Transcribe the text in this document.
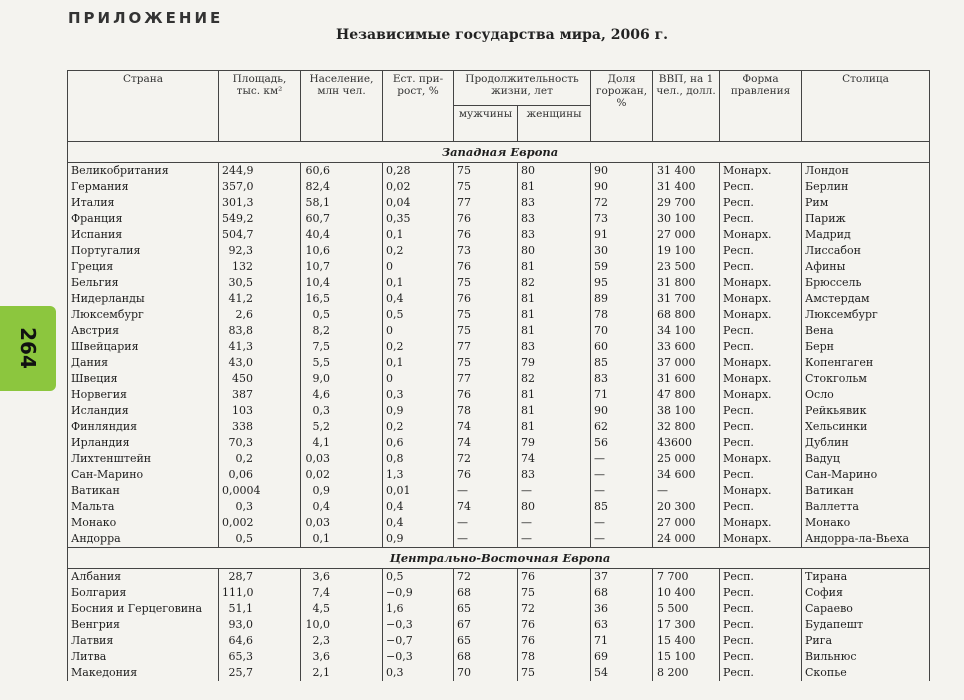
ПРИЛОЖЕНИЕ
Независимые государства мира, 2006 г.
264
Страна	Площадь, тыс. км²	Население, млн чел.	Ест. прирост, %	Продолжительность жизни, лет		Доля горожан, %	ВВП, на 1 чел., долл.	Форма правления	Столица
				мужчины	женщины				
Западная Европа									
Великобритания	244,9	60,6	0,28	75	80	90	31 400	Монарх.	Лондон
Германия	357,0	82,4	0,02	75	81	90	31 400	Респ.	Берлин
Италия	301,3	58,1	0,04	77	83	72	29 700	Респ.	Рим
Франция	549,2	60,7	0,35	76	83	73	30 100	Респ.	Париж
Испания	504,7	40,4	0,1	76	83	91	27 000	Монарх.	Мадрид
Португалия	92,3	10,6	0,2	73	80	30	19 100	Респ.	Лиссабон
Греция	132	10,7	0	76	81	59	23 500	Респ.	Афины
Бельгия	30,5	10,4	0,1	75	82	95	31 800	Монарх.	Брюссель
Нидерланды	41,2	16,5	0,4	76	81	89	31 700	Монарх.	Амстердам
Люксембург	2,6	0,5	0,5	75	81	78	68 800	Монарх.	Люксембург
Австрия	83,8	8,2	0	75	81	70	34 100	Респ.	Вена
Швейцария	41,3	7,5	0,2	77	83	60	33 600	Респ.	Берн
Дания	43,0	5,5	0,1	75	79	85	37 000	Монарх.	Копенгаген
Швеция	450	9,0	0	77	82	83	31 600	Монарх.	Стокгольм
Норвегия	387	4,6	0,3	76	81	71	47 800	Монарх.	Осло
Исландия	103	0,3	0,9	78	81	90	38 100	Респ.	Рейкьявик
Финляндия	338	5,2	0,2	74	81	62	32 800	Респ.	Хельсинки
Ирландия	70,3	4,1	0,6	74	79	56	43600	Респ.	Дублин
Лихтенштейн	0,2	0,03	0,8	72	74	—	25 000	Монарх.	Вадуц
Сан-Марино	0,06	0,02	1,3	76	83	—	34 600	Респ.	Сан-Марино
Ватикан	0,0004	0,9	0,01	—	—	—	—	Монарх.	Ватикан
Мальта	0,3	0,4	0,4	74	80	85	20 300	Респ.	Валлетта
Монако	0,002	0,03	0,4	—	—	—	27 000	Монарх.	Монако
Андорра	0,5	0,1	0,9	—	—	—	24 000	Монарх.	Андорра-ла-Вьеха
Центрально-Восточная Европа									
Албания	28,7	3,6	0,5	72	76	37	7 700	Респ.	Тирана
Болгария	111,0	7,4	−0,9	68	75	68	10 400	Респ.	София
Босния и Герцеговина	51,1	4,5	1,6	65	72	36	5 500	Респ.	Сараево
Венгрия	93,0	10,0	−0,3	67	76	63	17 300	Респ.	Будапешт
Латвия	64,6	2,3	−0,7	65	76	71	15 400	Респ.	Рига
Литва	65,3	3,6	−0,3	68	78	69	15 100	Респ.	Вильнюс
Македония	25,7	2,1	0,3	70	75	54	8 200	Респ.	Скопье
